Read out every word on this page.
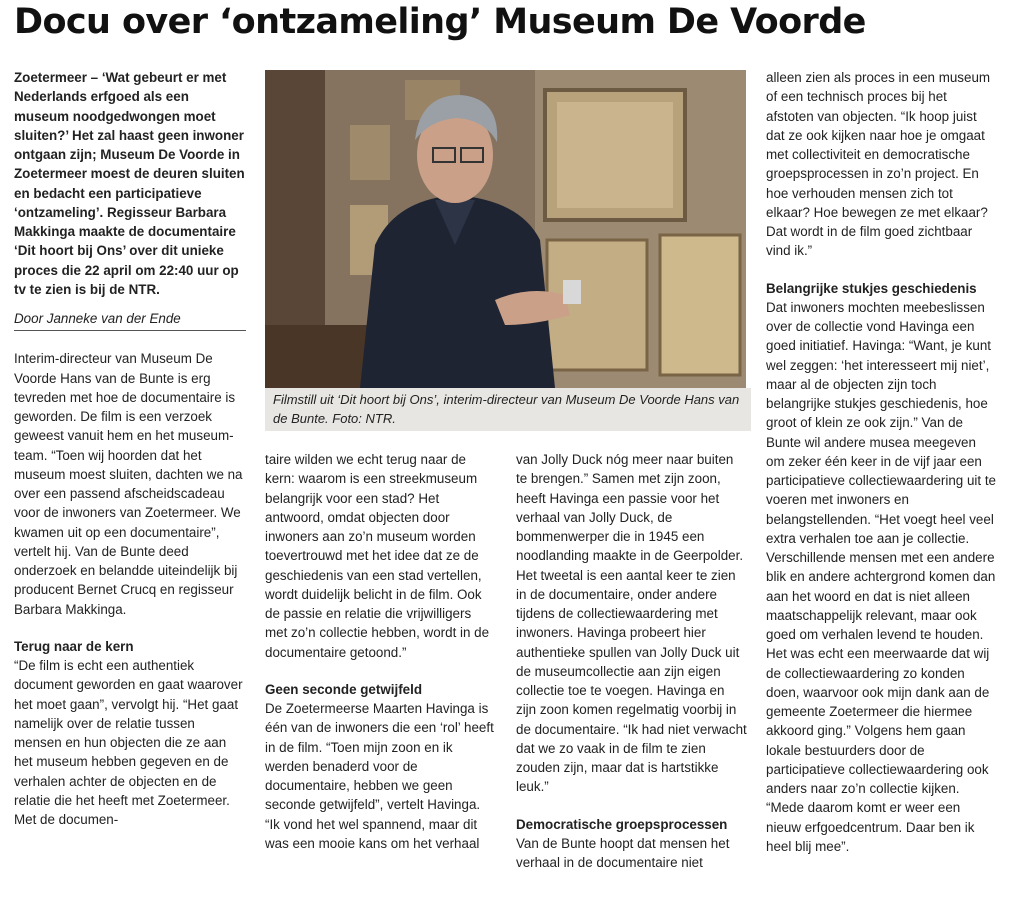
Docu over ‘ontzameling’ Museum De Voorde

Zoetermeer – ‘Wat gebeurt er met Nederlands erfgoed als een museum noodgedwongen moet sluiten?’ Het zal haast geen inwoner ontgaan zijn; Museum De Voorde in Zoetermeer moest de deuren sluiten en bedacht een participatieve ‘ontzameling’. Regisseur Barbara Makkinga maakte de documentaire ‘Dit hoort bij Ons’ over dit unieke proces die 22 april om 22:40 uur op tv te zien is bij de NTR.

Door Janneke van der Ende

Interim-directeur van Museum De Voorde Hans van de Bunte is erg tevreden met hoe de documentaire is geworden. De film is een verzoek geweest vanuit hem en het museum-team. “Toen wij hoorden dat het museum moest sluiten, dachten we na over een passend afscheidscadeau voor de inwoners van Zoetermeer. We kwamen uit op een documentaire”, vertelt hij. Van de Bunte deed onderzoek en belandde uiteindelijk bij producent Bernet Crucq en regisseur Barbara Makkinga.

Terug naar de kern

“De film is echt een authentiek document geworden en gaat waarover het moet gaan”, vervolgt hij. “Het gaat namelijk over de relatie tussen mensen en hun objecten die ze aan het museum hebben gegeven en de verhalen achter de objecten en de relatie die het heeft met Zoetermeer. Met de documen-

Filmstill uit ‘Dit hoort bij Ons’, interim-directeur van Museum De Voorde Hans van de Bunte. Foto: NTR.

taire wilden we echt terug naar de kern: waarom is een streekmuseum belangrijk voor een stad? Het antwoord, omdat objecten door inwoners aan zo’n museum worden toevertrouwd met het idee dat ze de geschiedenis van een stad vertellen, wordt duidelijk belicht in de film. Ook de passie en relatie die vrijwilligers met zo’n collectie hebben, wordt in de documentaire getoond.”

Geen seconde getwijfeld

De Zoetermeerse Maarten Havinga is één van de inwoners die een ‘rol’ heeft in de film. “Toen mijn zoon en ik werden benaderd voor de documentaire, hebben we geen seconde getwijfeld”, vertelt Havinga. “Ik vond het wel spannend, maar dit was een mooie kans om het verhaal

van Jolly Duck nóg meer naar buiten te brengen.” Samen met zijn zoon, heeft Havinga een passie voor het verhaal van Jolly Duck, de bommenwerper die in 1945 een noodlanding maakte in de Geerpolder. Het tweetal is een aantal keer te zien in de documentaire, onder andere tijdens de collectiewaardering met inwoners. Havinga probeert hier authentieke spullen van Jolly Duck uit de museumcollectie aan zijn eigen collectie toe te voegen. Havinga en zijn zoon komen regelmatig voorbij in de documentaire. “Ik had niet verwacht dat we zo vaak in de film te zien zouden zijn, maar dat is hartstikke leuk.”

Democratische groepsprocessen

Van de Bunte hoopt dat mensen het verhaal in de documentaire niet

alleen zien als proces in een museum of een technisch proces bij het afstoten van objecten. “Ik hoop juist dat ze ook kijken naar hoe je omgaat met collectiviteit en democratische groepsprocessen in zo’n project. En hoe verhouden mensen zich tot elkaar? Hoe bewegen ze met elkaar? Dat wordt in de film goed zichtbaar vind ik.”

Belangrijke stukjes geschiedenis

Dat inwoners mochten meebeslissen over de collectie vond Havinga een goed initiatief. Havinga: “Want, je kunt wel zeggen: ‘het interesseert mij niet’, maar al de objecten zijn toch belangrijke stukjes geschiedenis, hoe groot of klein ze ook zijn.” Van de Bunte wil andere musea meegeven om zeker één keer in de vijf jaar een participatieve collectiewaardering uit te voeren met inwoners en belangstellenden. “Het voegt heel veel extra verhalen toe aan je collectie. Verschillende mensen met een andere blik en andere achtergrond komen dan aan het woord en dat is niet alleen maatschappelijk relevant, maar ook goed om verhalen levend te houden. Het was echt een meerwaarde dat wij de collectiewaardering zo konden doen, waarvoor ook mijn dank aan de gemeente Zoetermeer die hiermee akkoord ging.” Volgens hem gaan lokale bestuurders door de participatieve collectiewaardering ook anders naar zo’n collectie kijken. “Mede daarom komt er weer een nieuw erfgoedcentrum. Daar ben ik heel blij mee”.
